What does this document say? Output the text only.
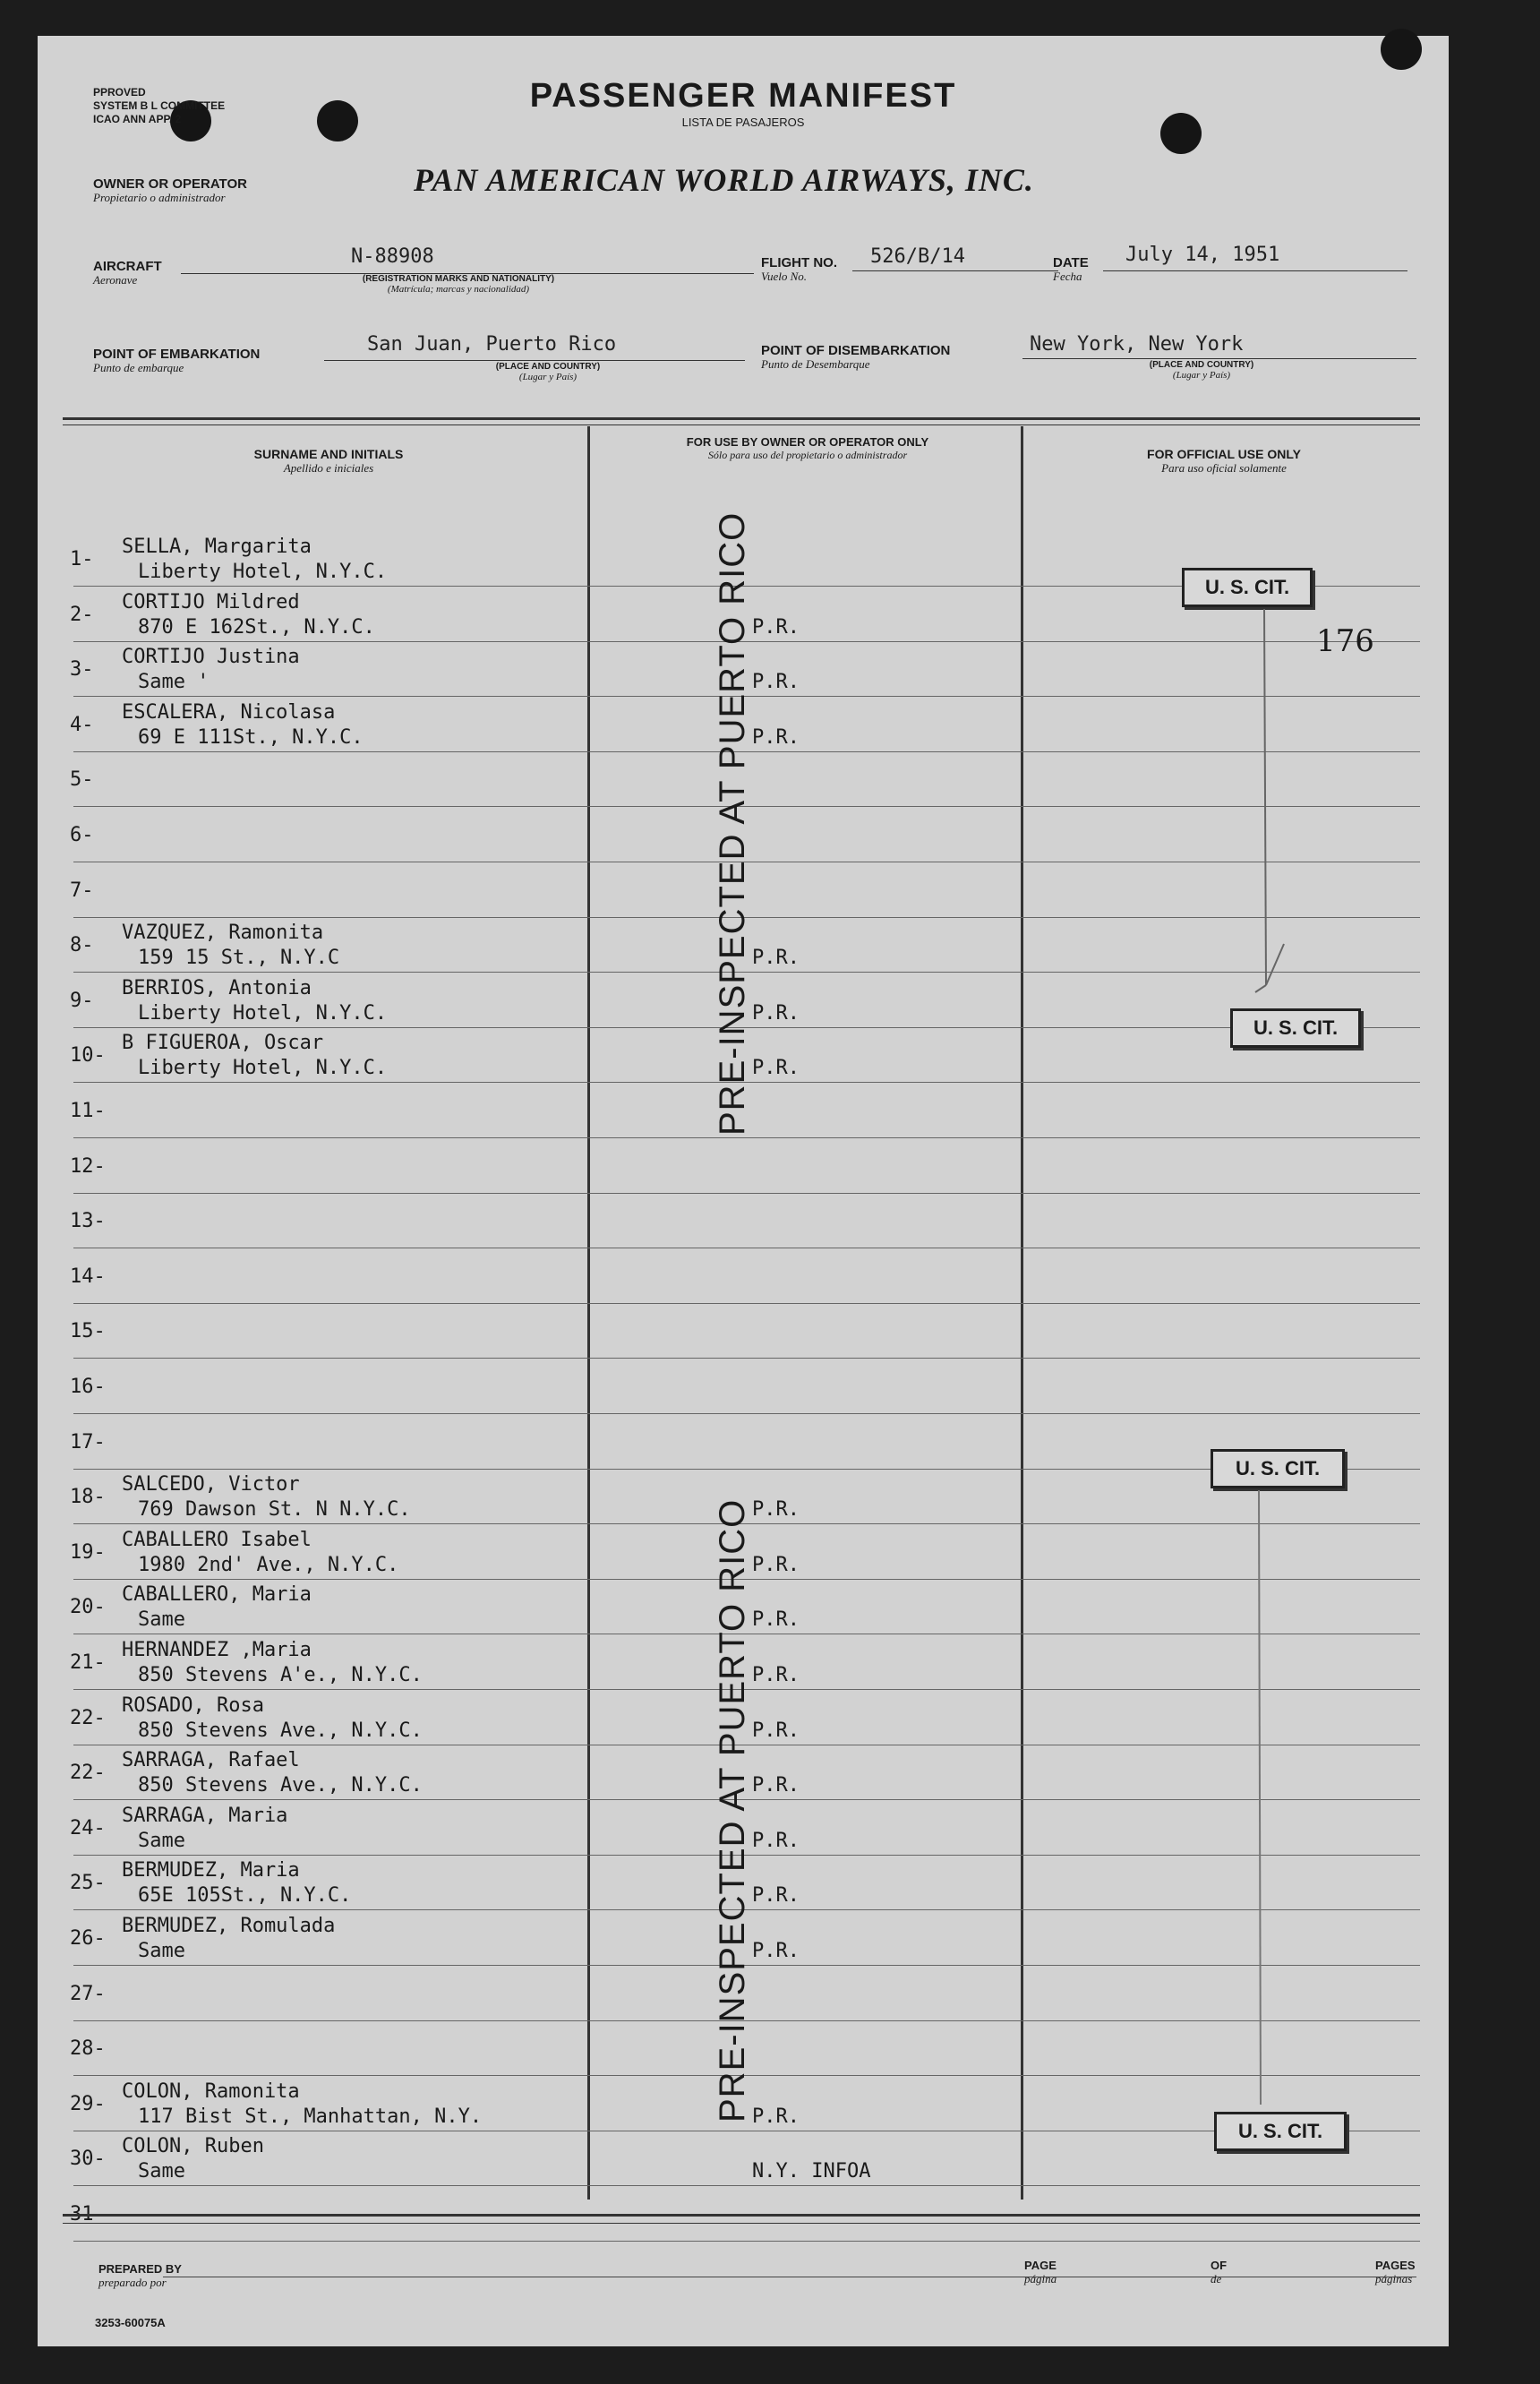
PPROVED
SYSTEM B L COMMITTEE
ICAO ANN APP. 2
PASSENGER MANIFEST
LISTA DE PASAJEROS
OWNER OR OPERATOR
Propietario o administrador	PAN AMERICAN WORLD AIRWAYS, INC.
AIRCRAFT
Aeronave
N-88908
(REGISTRATION MARKS AND NATIONALITY)
(Matrícula; marcas y nacionalidad)
FLIGHT NO.
Vuelo No.
526/B/14	DATE
Fecha
July 14, 1951
POINT OF EMBARKATION
Punto de embarque
San Juan, Puerto Rico
(PLACE AND COUNTRY)
(Lugar y País)
POINT OF DISEMBARKATION
Punto de Desembarque
New York, New York
(PLACE AND COUNTRY)
(Lugar y País)
SURNAME AND INITIALS
Apellido e iniciales
FOR USE BY OWNER OR OPERATOR ONLY
Sólo para uso del propietario o administrador	FOR OFFICIAL USE ONLY
Para uso oficial solamente
1-
SELLA, Margarita
Liberty Hotel, N.Y.C.
2-
CORTIJO Mildred
870 E 162St., N.Y.C.	P.R.
3-
CORTIJO Justina
Same '	P.R.
4-
ESCALERA, Nicolasa
69 E 111St., N.Y.C.	P.R.
5-
6-
7-
8-
VAZQUEZ, Ramonita
159 15 St., N.Y.C	P.R.
9-
BERRIOS, Antonia
Liberty Hotel, N.Y.C.	P.R.
10-
B FIGUEROA, Oscar
Liberty Hotel, N.Y.C.	P.R.
11-
12-
13-
14-
15-
16-
17-
18-
SALCEDO, Victor
769 Dawson St. N N.Y.C.	P.R.
19-
CABALLERO Isabel
1980 2nd' Ave., N.Y.C.	P.R.
20-
CABALLERO, Maria
Same	P.R.
21-
HERNANDEZ ,Maria
850 Stevens A'e., N.Y.C.	P.R.
22-
ROSADO, Rosa
850 Stevens Ave., N.Y.C.	P.R.
22-
SARRAGA, Rafael
850 Stevens Ave., N.Y.C.	P.R.
24-
SARRAGA, Maria
Same	P.R.
25-
BERMUDEZ, Maria
65E 105St., N.Y.C.	P.R.
26-
BERMUDEZ, Romulada
Same	P.R.
27-
28-
29-
COLON, Ramonita
117 Bist St., Manhattan, N.Y.	P.R.
30-
COLON, Ruben
Same	N.Y. INFOA
31-
PRE-INSPECTED AT PUERTO RICO
PRE-INSPECTED AT PUERTO RICO
U. S. CIT.
U. S. CIT.
U. S. CIT.
U. S. CIT.
176
PREPARED BY
preparado por
PAGE
página
OF
de
PAGES
páginas
3253-60075A
